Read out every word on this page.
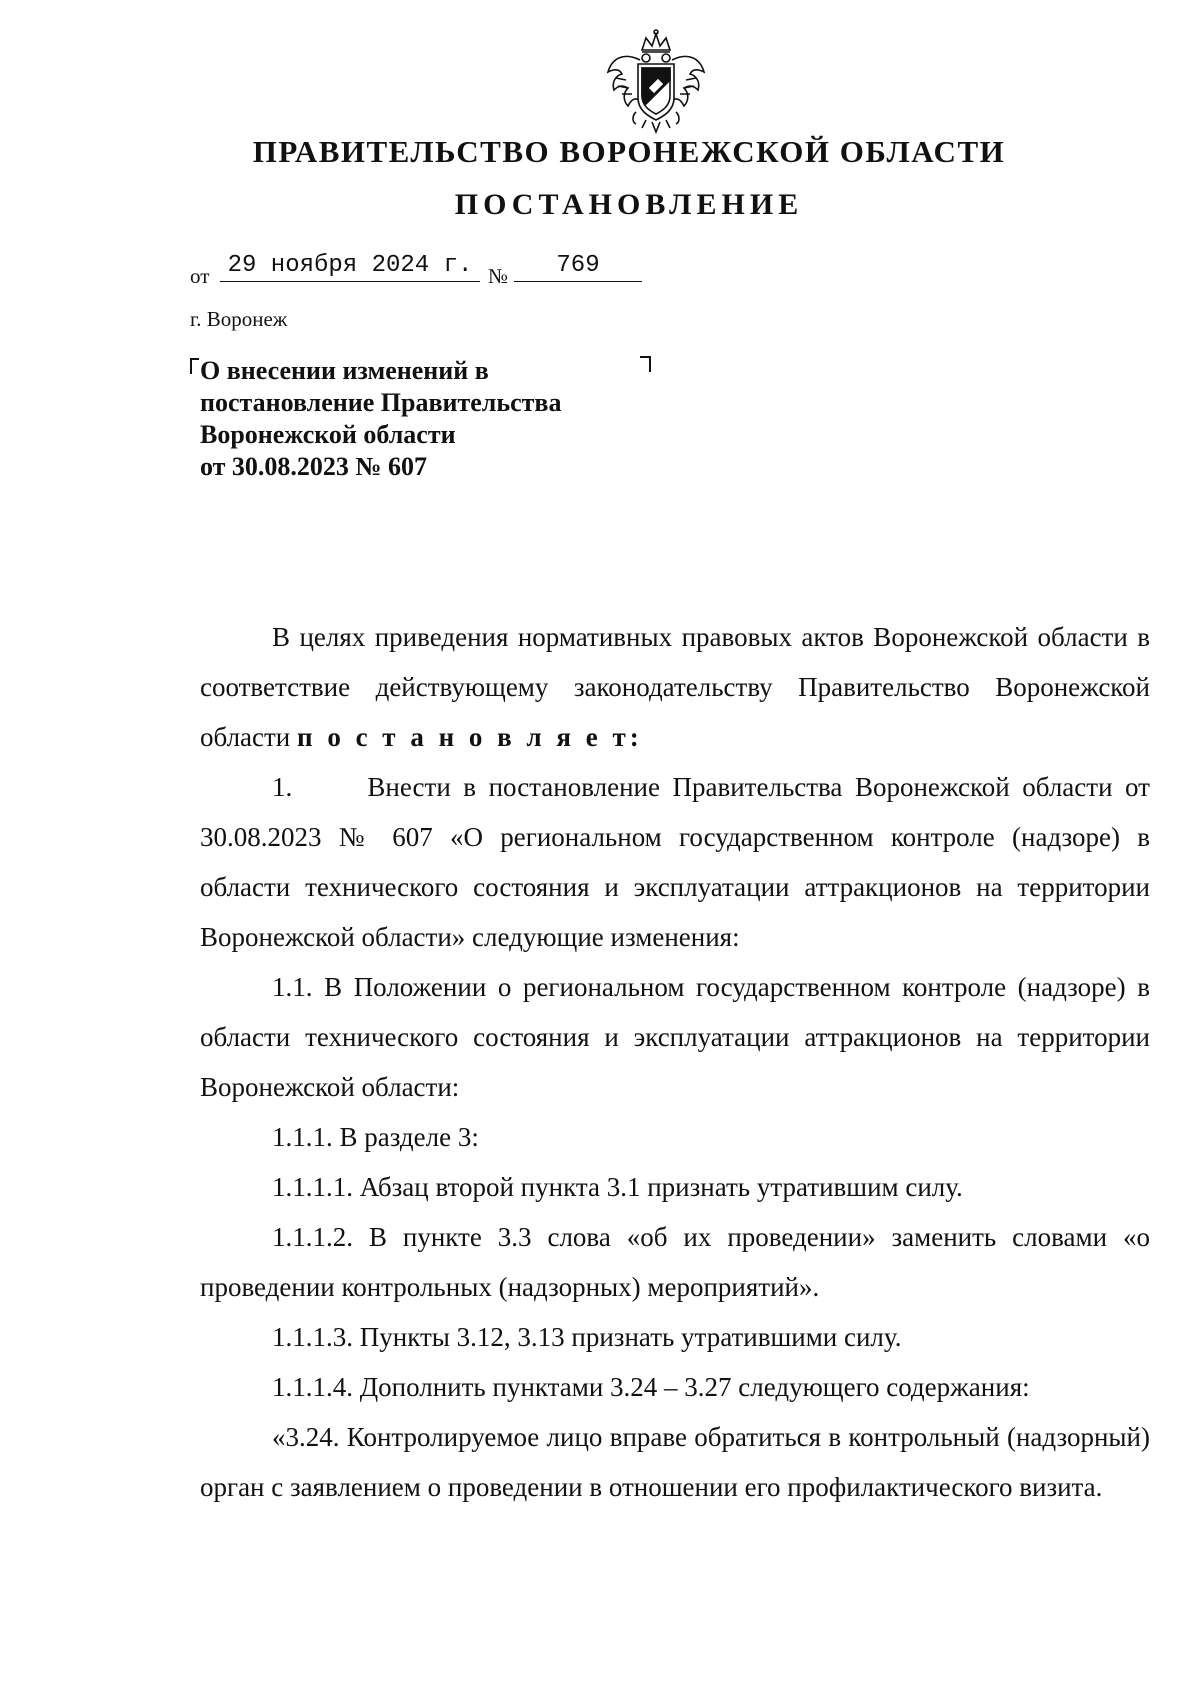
ПРАВИТЕЛЬСТВО ВОРОНЕЖСКОЙ ОБЛАСТИ
ПОСТАНОВЛЕНИЕ
от 29 ноября 2024 г. №	769
г. Воронеж
О внесении изменений в
постановление Правительства
Воронежской области
от 30.08.2023 № 607

В целях приведения нормативных правовых актов Воронежской области в соответствие действующему законодательству Правительство Воронежской области п о с т а н о в л я е т:

1.      Внести в постановление Правительства Воронежской области от 30.08.2023 № 607 «О региональном государственном контроле (надзоре) в области технического состояния и эксплуатации аттракционов на территории Воронежской области» следующие изменения:

1.1. В Положении о региональном государственном контроле (надзоре) в области технического состояния и эксплуатации аттракционов на территории Воронежской области:

1.1.1. В разделе 3:

1.1.1.1. Абзац второй пункта 3.1 признать утратившим силу.

1.1.1.2. В пункте 3.3 слова «об их проведении» заменить словами «о проведении контрольных (надзорных) мероприятий».

1.1.1.3. Пункты 3.12, 3.13 признать утратившими силу.

1.1.1.4. Дополнить пунктами 3.24 – 3.27 следующего содержания:

«3.24. Контролируемое лицо вправе обратиться в контрольный (надзорный) орган с заявлением о проведении в отношении его профилактического визита.
